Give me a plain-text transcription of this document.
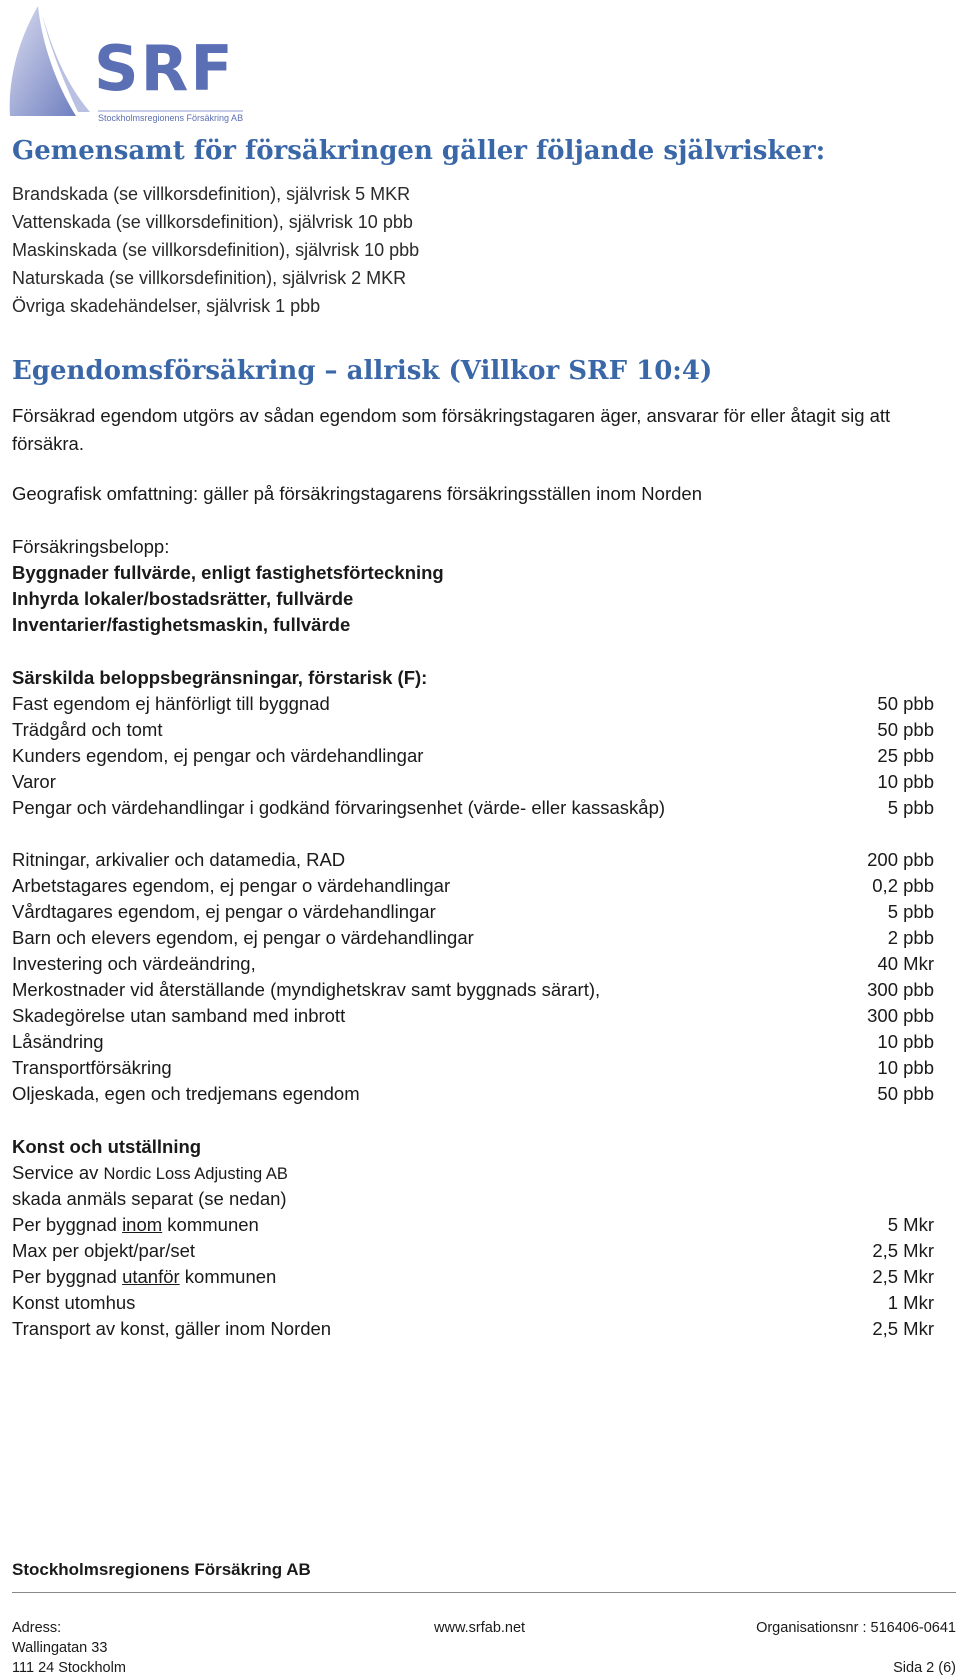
SRF
Stockholmsregionens Försäkring AB
Gemensamt för försäkringen gäller följande självrisker:
Brandskada (se villkorsdefinition), självrisk 5 MKR
Vattenskada (se villkorsdefinition), självrisk 10 pbb
Maskinskada (se villkorsdefinition), självrisk 10 pbb
Naturskada (se villkorsdefinition), självrisk 2 MKR
Övriga skadehändelser, självrisk 1 pbb
Egendomsförsäkring – allrisk (Villkor SRF 10:4)
Försäkrad egendom utgörs av sådan egendom som försäkringstagaren äger, ansvarar för eller åtagit sig att försäkra.
Geografisk omfattning: gäller på försäkringstagarens försäkringsställen inom Norden
Försäkringsbelopp:
Byggnader fullvärde, enligt fastighetsförteckning
Inhyrda lokaler/bostadsrätter, fullvärde
Inventarier/fastighetsmaskin, fullvärde
Särskilda beloppsbegränsningar, förstarisk (F):
Fast egendom ej hänförligt till byggnad	50 pbb
Trädgård och tomt	50 pbb
Kunders egendom, ej pengar och värdehandlingar	25 pbb
Varor	10 pbb
Pengar och värdehandlingar i godkänd förvaringsenhet (värde- eller kassaskåp)	5 pbb
Ritningar, arkivalier och datamedia, RAD	200 pbb
Arbetstagares egendom, ej pengar o värdehandlingar	0,2 pbb
Vårdtagares egendom, ej pengar o värdehandlingar	5 pbb
Barn och elevers egendom, ej pengar o värdehandlingar	2 pbb
Investering och värdeändring,	40 Mkr
Merkostnader vid återställande (myndighetskrav samt byggnads särart),	300 pbb
Skadegörelse utan samband med inbrott	300 pbb
Låsändring	10 pbb
Transportförsäkring	10 pbb
Oljeskada, egen och tredjemans egendom	50 pbb
Konst och utställning
Service av Nordic Loss Adjusting AB
skada anmäls separat (se nedan)
Per byggnad inom kommunen	5 Mkr
Max per objekt/par/set	2,5 Mkr
Per byggnad utanför kommunen	2,5 Mkr
Konst utomhus	1 Mkr
Transport av konst, gäller inom Norden	2,5 Mkr
Stockholmsregionens Försäkring AB
Adress:
Wallingatan 33
111 24 Stockholm
www.srfab.net	Organisationsnr : 516406-0641
Sida 2 (6)
